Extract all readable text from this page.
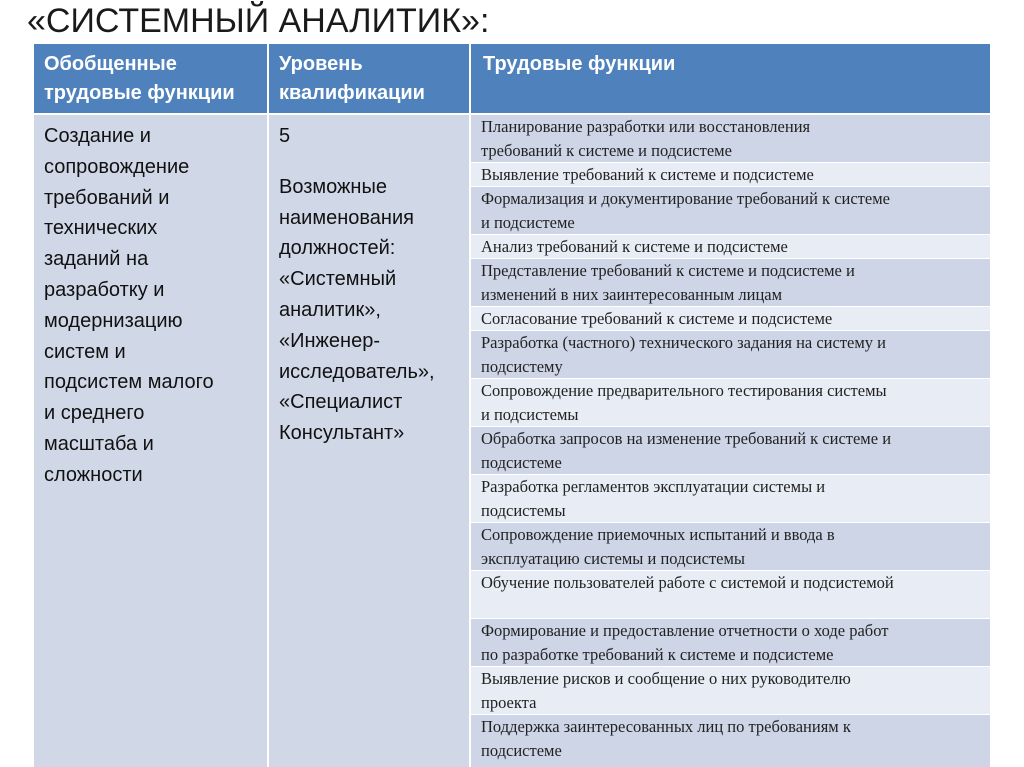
«СИСТЕМНЫЙ АНАЛИТИК»:
Обобщенные
трудовые функции
Уровень
квалификации
Трудовые функции
Создание и
сопровождение
требований и
технических
заданий на
разработку и
модернизацию
систем и
подсистем малого
и среднего
масштаба и
сложности
5
Возможные
наименования
должностей:
«Системный
аналитик»,
«Инженер-
исследователь»,
«Специалист
Консультант»
Планирование разработки или восстановления
требований к системе и подсистеме
Выявление требований к системе и подсистеме
Формализация и документирование требований к системе
и подсистеме
Анализ требований к системе и подсистеме
Представление требований к системе и подсистеме и
изменений в них заинтересованным лицам
Согласование требований к системе и подсистеме
Разработка (частного) технического задания на систему и
подсистему
Сопровождение предварительного тестирования системы
и подсистемы
Обработка запросов на изменение требований к системе и
подсистеме
Разработка регламентов эксплуатации системы и
подсистемы
Сопровождение приемочных испытаний и ввода в
эксплуатацию системы и подсистемы
Обучение пользователей работе с системой и подсистемой
Формирование и предоставление отчетности о ходе работ
по разработке требований к системе и подсистеме
Выявление рисков и сообщение о них руководителю
проекта
Поддержка заинтересованных лиц по требованиям к
подсистеме
